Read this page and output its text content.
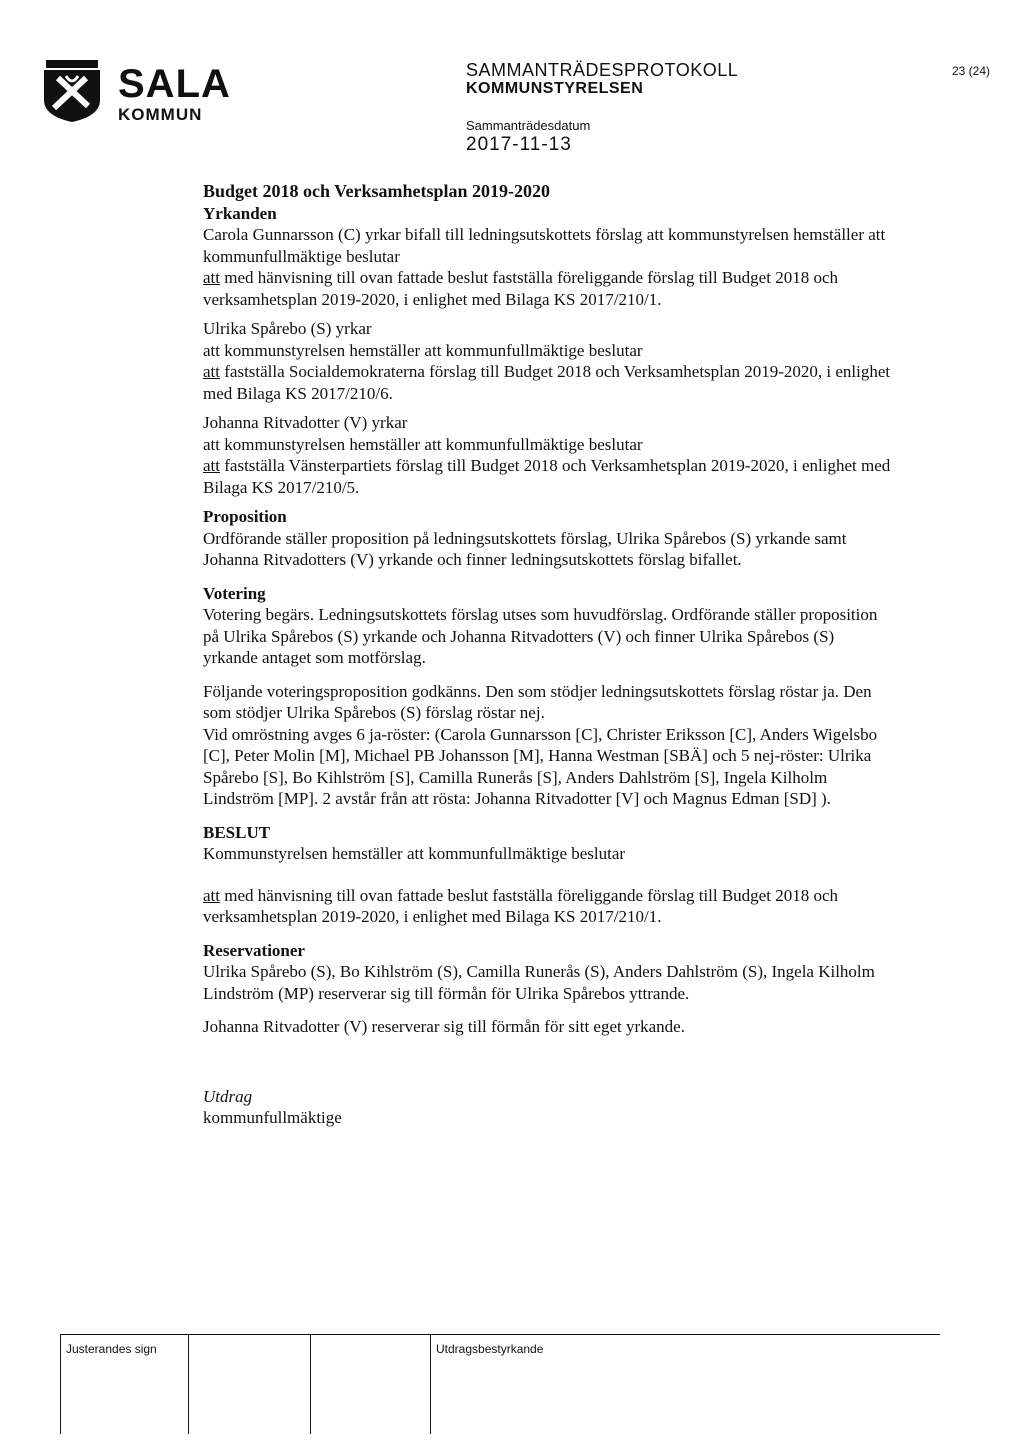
SALA
KOMMUN
SAMMANTRÄDESPROTOKOLL
KOMMUNSTYRELSEN
23 (24)
Sammanträdesdatum
2017-11-13

Budget 2018 och Verksamhetsplan 2019-2020

Yrkanden

Carola Gunnarsson (C) yrkar bifall till ledningsutskottets förslag att kommunstyrelsen hemställer att kommunfullmäktige beslutar

att med hänvisning till ovan fattade beslut fastställa föreliggande förslag till Budget 2018 och verksamhetsplan 2019-2020, i enlighet med Bilaga KS 2017/210/1.

Ulrika Spårebo (S) yrkar

att kommunstyrelsen hemställer att kommunfullmäktige beslutar

att fastställa Socialdemokraterna förslag till Budget 2018 och Verksamhetsplan 2019-2020, i enlighet med Bilaga KS 2017/210/6.

Johanna Ritvadotter (V) yrkar

att kommunstyrelsen hemställer att kommunfullmäktige beslutar

att fastställa Vänsterpartiets förslag till Budget 2018 och Verksamhetsplan 2019-2020, i enlighet med Bilaga KS 2017/210/5.

Proposition

Ordförande ställer proposition på ledningsutskottets förslag, Ulrika Spårebos (S) yrkande samt Johanna Ritvadotters (V) yrkande och finner ledningsutskottets förslag bifallet.

Votering

Votering begärs. Ledningsutskottets förslag utses som huvudförslag. Ordförande ställer proposition på Ulrika Spårebos (S) yrkande och Johanna Ritvadotters (V) och finner Ulrika Spårebos (S) yrkande antaget som motförslag.

Följande voteringsproposition godkänns. Den som stödjer ledningsutskottets förslag röstar ja. Den som stödjer Ulrika Spårebos (S) förslag röstar nej.

Vid omröstning avges 6 ja-röster: (Carola Gunnarsson [C], Christer Eriksson [C], Anders Wigelsbo [C], Peter Molin [M], Michael PB Johansson [M], Hanna Westman [SBÄ] och 5 nej-röster: Ulrika Spårebo [S], Bo Kihlström [S], Camilla Runerås [S], Anders Dahlström [S], Ingela Kilholm Lindström [MP]. 2 avstår från att rösta: Johanna Ritvadotter [V] och Magnus Edman [SD] ).

BESLUT

Kommunstyrelsen hemställer att kommunfullmäktige beslutar

att med hänvisning till ovan fattade beslut fastställa föreliggande förslag till Budget 2018 och verksamhetsplan 2019-2020, i enlighet med Bilaga KS 2017/210/1.

Reservationer

Ulrika Spårebo (S), Bo Kihlström (S), Camilla Runerås (S), Anders Dahlström (S), Ingela Kilholm Lindström (MP) reserverar sig till förmån för Ulrika Spårebos yttrande.

Johanna Ritvadotter (V) reserverar sig till förmån för sitt eget yrkande.

Utdrag

kommunfullmäktige

Justerandes sign	Utdragsbestyrkande
